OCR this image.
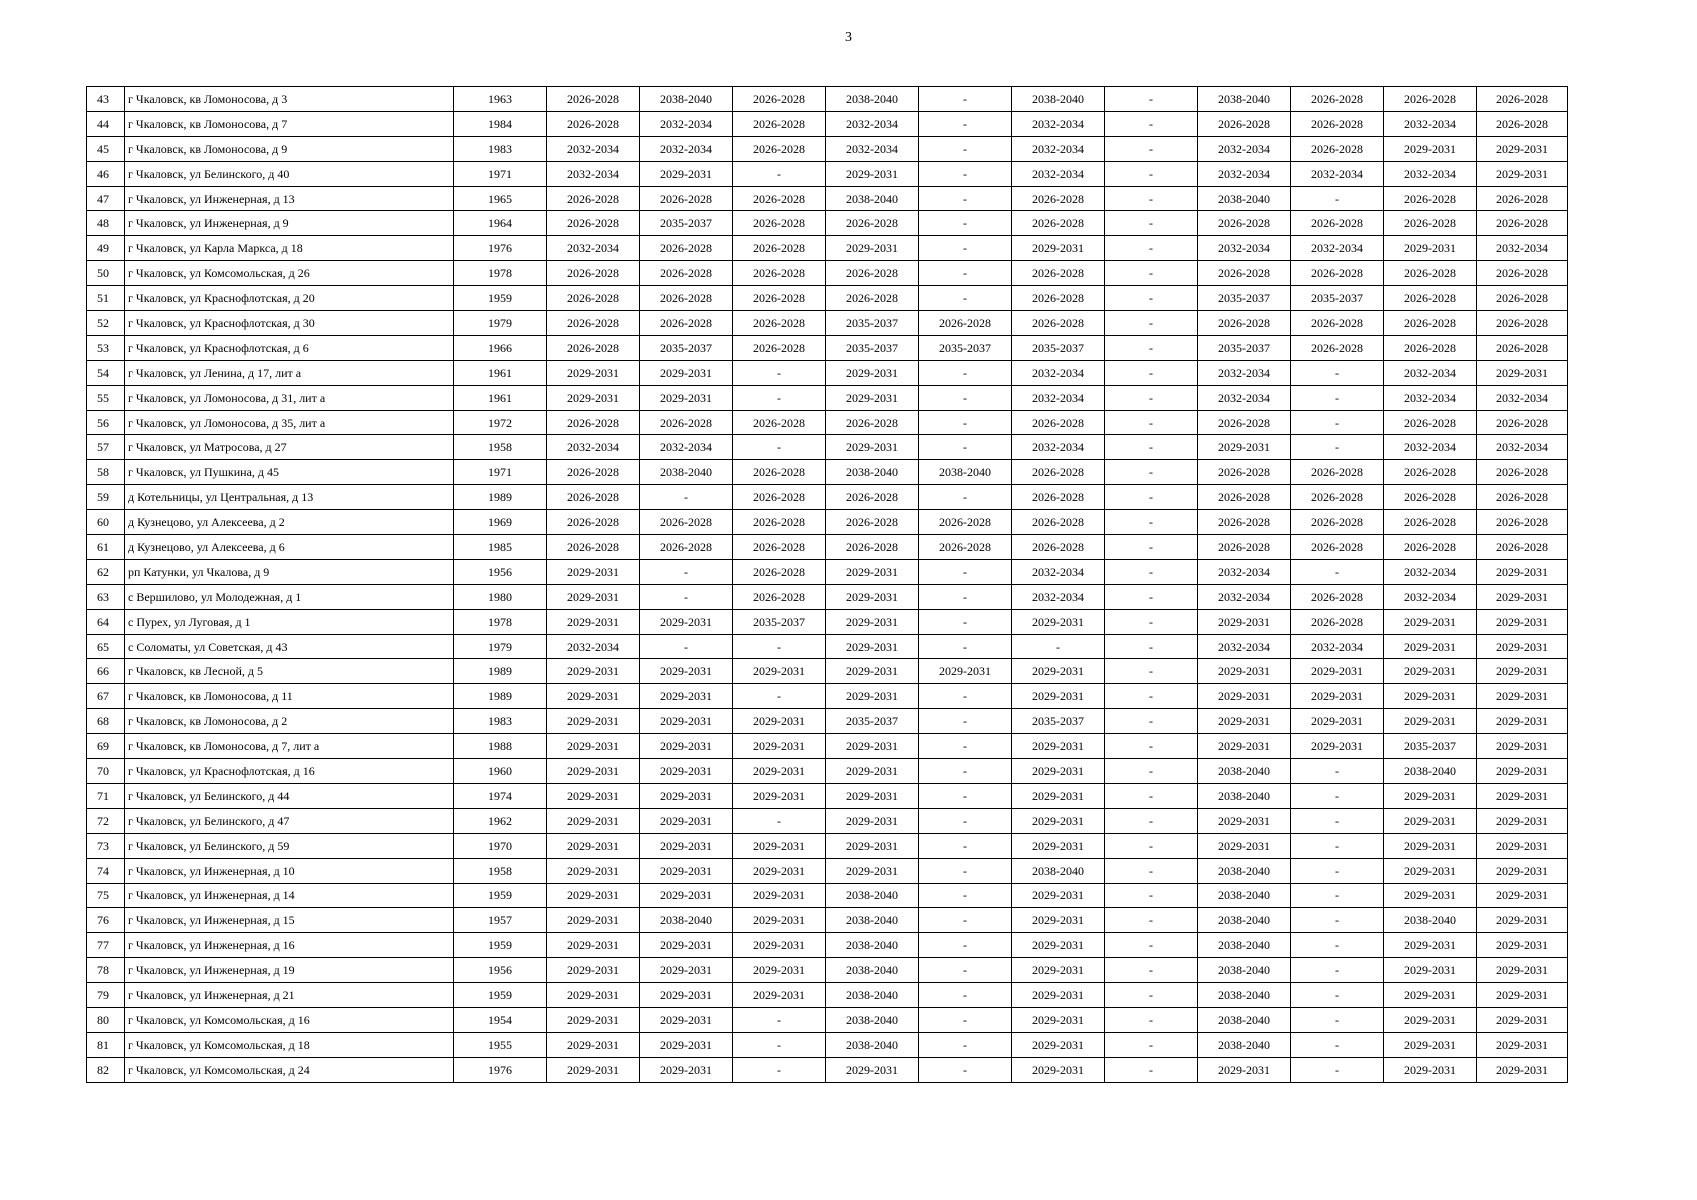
3
43	г Чкаловск, кв Ломоносова, д 3	1963	2026-2028	2038-2040	2026-2028	2038-2040	-	2038-2040	-	2038-2040	2026-2028	2026-2028	2026-2028
44	г Чкаловск, кв Ломоносова, д 7	1984	2026-2028	2032-2034	2026-2028	2032-2034	-	2032-2034	-	2026-2028	2026-2028	2032-2034	2026-2028
45	г Чкаловск, кв Ломоносова, д 9	1983	2032-2034	2032-2034	2026-2028	2032-2034	-	2032-2034	-	2032-2034	2026-2028	2029-2031	2029-2031
46	г Чкаловск, ул Белинского, д 40	1971	2032-2034	2029-2031	-	2029-2031	-	2032-2034	-	2032-2034	2032-2034	2032-2034	2029-2031
47	г Чкаловск, ул Инженерная, д 13	1965	2026-2028	2026-2028	2026-2028	2038-2040	-	2026-2028	-	2038-2040	-	2026-2028	2026-2028
48	г Чкаловск, ул Инженерная, д 9	1964	2026-2028	2035-2037	2026-2028	2026-2028	-	2026-2028	-	2026-2028	2026-2028	2026-2028	2026-2028
49	г Чкаловск, ул Карла Маркса, д 18	1976	2032-2034	2026-2028	2026-2028	2029-2031	-	2029-2031	-	2032-2034	2032-2034	2029-2031	2032-2034
50	г Чкаловск, ул Комсомольская, д 26	1978	2026-2028	2026-2028	2026-2028	2026-2028	-	2026-2028	-	2026-2028	2026-2028	2026-2028	2026-2028
51	г Чкаловск, ул Краснофлотская, д 20	1959	2026-2028	2026-2028	2026-2028	2026-2028	-	2026-2028	-	2035-2037	2035-2037	2026-2028	2026-2028
52	г Чкаловск, ул Краснофлотская, д 30	1979	2026-2028	2026-2028	2026-2028	2035-2037	2026-2028	2026-2028	-	2026-2028	2026-2028	2026-2028	2026-2028
53	г Чкаловск, ул Краснофлотская, д 6	1966	2026-2028	2035-2037	2026-2028	2035-2037	2035-2037	2035-2037	-	2035-2037	2026-2028	2026-2028	2026-2028
54	г Чкаловск, ул Ленина, д 17, лит а	1961	2029-2031	2029-2031	-	2029-2031	-	2032-2034	-	2032-2034	-	2032-2034	2029-2031
55	г Чкаловск, ул Ломоносова, д 31, лит а	1961	2029-2031	2029-2031	-	2029-2031	-	2032-2034	-	2032-2034	-	2032-2034	2032-2034
56	г Чкаловск, ул Ломоносова, д 35, лит а	1972	2026-2028	2026-2028	2026-2028	2026-2028	-	2026-2028	-	2026-2028	-	2026-2028	2026-2028
57	г Чкаловск, ул Матросова, д 27	1958	2032-2034	2032-2034	-	2029-2031	-	2032-2034	-	2029-2031	-	2032-2034	2032-2034
58	г Чкаловск, ул Пушкина, д 45	1971	2026-2028	2038-2040	2026-2028	2038-2040	2038-2040	2026-2028	-	2026-2028	2026-2028	2026-2028	2026-2028
59	д Котельницы, ул Центральная, д 13	1989	2026-2028	-	2026-2028	2026-2028	-	2026-2028	-	2026-2028	2026-2028	2026-2028	2026-2028
60	д Кузнецово, ул Алексеева, д 2	1969	2026-2028	2026-2028	2026-2028	2026-2028	2026-2028	2026-2028	-	2026-2028	2026-2028	2026-2028	2026-2028
61	д Кузнецово, ул Алексеева, д 6	1985	2026-2028	2026-2028	2026-2028	2026-2028	2026-2028	2026-2028	-	2026-2028	2026-2028	2026-2028	2026-2028
62	рп Катунки, ул Чкалова, д 9	1956	2029-2031	-	2026-2028	2029-2031	-	2032-2034	-	2032-2034	-	2032-2034	2029-2031
63	с Вершилово, ул Молодежная, д 1	1980	2029-2031	-	2026-2028	2029-2031	-	2032-2034	-	2032-2034	2026-2028	2032-2034	2029-2031
64	с Пурех, ул Луговая, д 1	1978	2029-2031	2029-2031	2035-2037	2029-2031	-	2029-2031	-	2029-2031	2026-2028	2029-2031	2029-2031
65	с Соломаты, ул Советская, д 43	1979	2032-2034	-	-	2029-2031	-	-	-	2032-2034	2032-2034	2029-2031	2029-2031
66	г Чкаловск, кв Лесной, д 5	1989	2029-2031	2029-2031	2029-2031	2029-2031	2029-2031	2029-2031	-	2029-2031	2029-2031	2029-2031	2029-2031
67	г Чкаловск, кв Ломоносова, д 11	1989	2029-2031	2029-2031	-	2029-2031	-	2029-2031	-	2029-2031	2029-2031	2029-2031	2029-2031
68	г Чкаловск, кв Ломоносова, д 2	1983	2029-2031	2029-2031	2029-2031	2035-2037	-	2035-2037	-	2029-2031	2029-2031	2029-2031	2029-2031
69	г Чкаловск, кв Ломоносова, д 7, лит а	1988	2029-2031	2029-2031	2029-2031	2029-2031	-	2029-2031	-	2029-2031	2029-2031	2035-2037	2029-2031
70	г Чкаловск, ул Краснофлотская, д 16	1960	2029-2031	2029-2031	2029-2031	2029-2031	-	2029-2031	-	2038-2040	-	2038-2040	2029-2031
71	г Чкаловск, ул Белинского, д 44	1974	2029-2031	2029-2031	2029-2031	2029-2031	-	2029-2031	-	2038-2040	-	2029-2031	2029-2031
72	г Чкаловск, ул Белинского, д 47	1962	2029-2031	2029-2031	-	2029-2031	-	2029-2031	-	2029-2031	-	2029-2031	2029-2031
73	г Чкаловск, ул Белинского, д 59	1970	2029-2031	2029-2031	2029-2031	2029-2031	-	2029-2031	-	2029-2031	-	2029-2031	2029-2031
74	г Чкаловск, ул Инженерная, д 10	1958	2029-2031	2029-2031	2029-2031	2029-2031	-	2038-2040	-	2038-2040	-	2029-2031	2029-2031
75	г Чкаловск, ул Инженерная, д 14	1959	2029-2031	2029-2031	2029-2031	2038-2040	-	2029-2031	-	2038-2040	-	2029-2031	2029-2031
76	г Чкаловск, ул Инженерная, д 15	1957	2029-2031	2038-2040	2029-2031	2038-2040	-	2029-2031	-	2038-2040	-	2038-2040	2029-2031
77	г Чкаловск, ул Инженерная, д 16	1959	2029-2031	2029-2031	2029-2031	2038-2040	-	2029-2031	-	2038-2040	-	2029-2031	2029-2031
78	г Чкаловск, ул Инженерная, д 19	1956	2029-2031	2029-2031	2029-2031	2038-2040	-	2029-2031	-	2038-2040	-	2029-2031	2029-2031
79	г Чкаловск, ул Инженерная, д 21	1959	2029-2031	2029-2031	2029-2031	2038-2040	-	2029-2031	-	2038-2040	-	2029-2031	2029-2031
80	г Чкаловск, ул Комсомольская, д 16	1954	2029-2031	2029-2031	-	2038-2040	-	2029-2031	-	2038-2040	-	2029-2031	2029-2031
81	г Чкаловск, ул Комсомольская, д 18	1955	2029-2031	2029-2031	-	2038-2040	-	2029-2031	-	2038-2040	-	2029-2031	2029-2031
82	г Чкаловск, ул Комсомольская, д 24	1976	2029-2031	2029-2031	-	2029-2031	-	2029-2031	-	2029-2031	-	2029-2031	2029-2031
